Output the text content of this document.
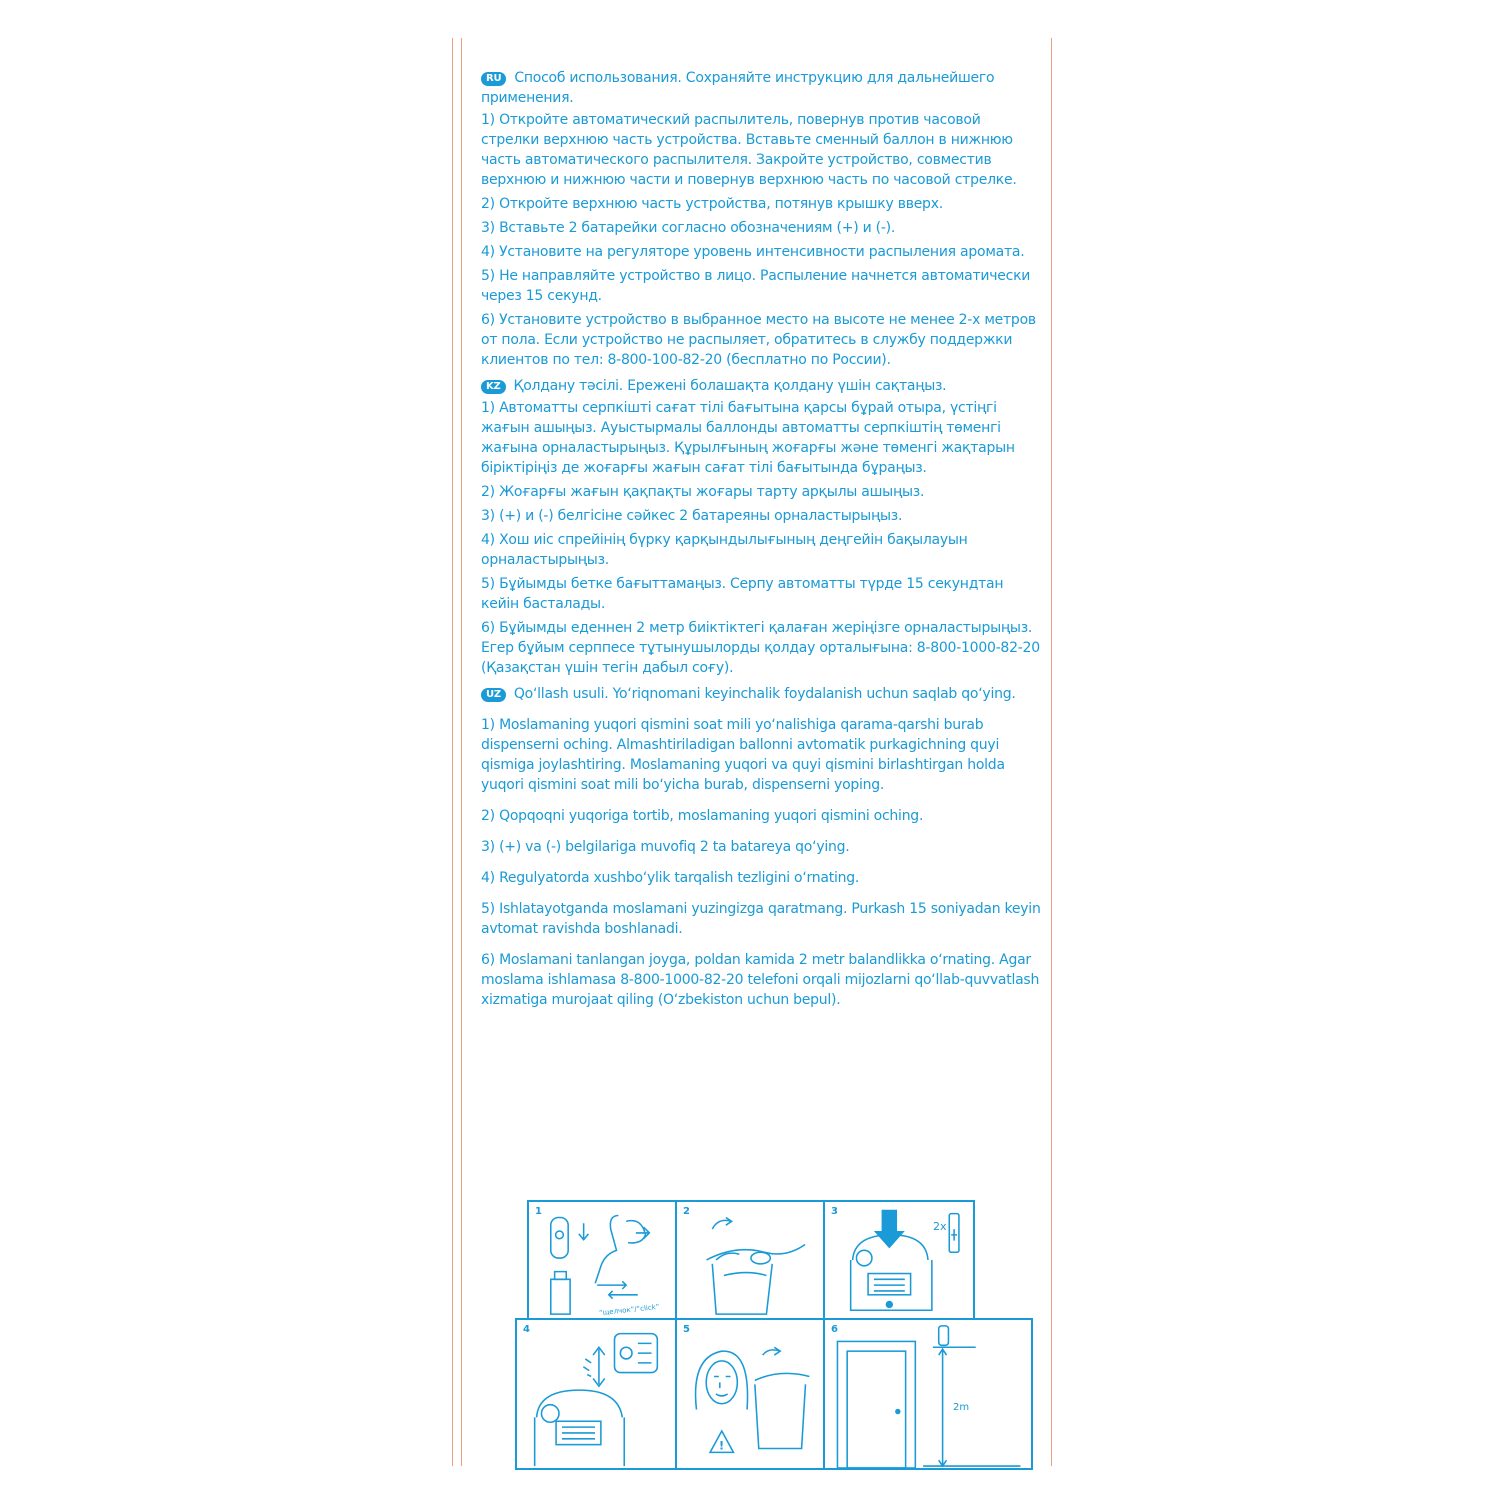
RU Способ использования. Сохраняйте инструкцию для дальнейшего применения.

1) Откройте автоматический распылитель, повернув против часовой стрелки верхнюю часть устройства. Вставьте сменный баллон в нижнюю часть автоматического распылителя. Закройте устройство, совместив верхнюю и нижнюю части и повернув верхнюю часть по часовой стрелке.

2) Откройте верхнюю часть устройства, потянув крышку вверх.

3) Вставьте 2 батарейки согласно обозначениям (+) и (-).

4) Установите на регуляторе уровень интенсивности распыления аромата.

5) Не направляйте устройство в лицо. Распыление начнется автоматически через 15 секунд.

6) Установите устройство в выбранное место на высоте не менее 2-х метров от пола. Если устройство не распыляет, обратитесь в службу поддержки клиентов по тел: 8-800-100-82-20 (бесплатно по России).

KZ Қолдану тәсілі. Ережені болашақта қолдану үшін сақтаңыз.

1) Автоматты серпкішті сағат тілі бағытына қарсы бұрай отыра, үстіңгі жағын ашыңыз. Ауыстырмалы баллонды автоматты серпкіштің төменгі жағына орналастырыңыз. Құрылғының жоғарғы және төменгі жақтарын біріктіріңіз де жоғарғы жағын сағат тілі бағытында бұраңыз.

2) Жоғарғы жағын қақпақты жоғары тарту арқылы ашыңыз.

3) (+) и (-) белгісіне сәйкес 2 батареяны орналастырыңыз.

4) Хош иіс спрейінің бүрку қарқындылығының деңгейін бақылауын орналастырыңыз.

5) Бұйымды бетке бағыттамаңыз. Серпу автоматты түрде 15 секундтан кейін басталады.

6) Бұйымды еденнен 2 метр биіктіктегі қалаған жеріңізге орналастырыңыз. Егер бұйым серппесе тұтынушылорды қолдау орталығына: 8-800-1000-82-20 (Қазақстан үшін тегін дабыл соғу).

UZ Qo‘llash usuli. Yo‘riqnomani keyinchalik foydalanish uchun saqlab qo‘ying.

1) Moslamaning yuqori qismini soat mili yo‘nalishiga qarama-qarshi burab dispenserni oching. Almashtiriladigan ballonni avtomatik purkagichning quyi qismiga joylashtiring. Moslamaning yuqori va quyi qismini birlashtirgan holda yuqori qismini soat mili bo‘yicha burab, dispenserni yoping.

2) Qopqoqni yuqoriga tortib, moslamaning yuqori qismini oching.

3) (+) va (-) belgilariga muvofiq 2 ta batareya qo‘ying.

4) Regulyatorda xushbo‘ylik tarqalish tezligini o‘rnating.

5) Ishlatayotganda moslamani yuzingizga qaratmang. Purkash 15 soniyadan keyin avtomat ravishda boshlanadi.

6) Moslamani tanlangan joyga, poldan kamida 2 metr balandlikka o‘rnating. Agar moslama ishlamasa 8-800-1000-82-20 telefoni orqali mijozlarni qo‘llab-quvvatlash xizmatiga murojaat qiling (O‘zbekiston uchun bepul).

1
“щелчок”/“click”
2	3
2x
4	5
!
6
2m
